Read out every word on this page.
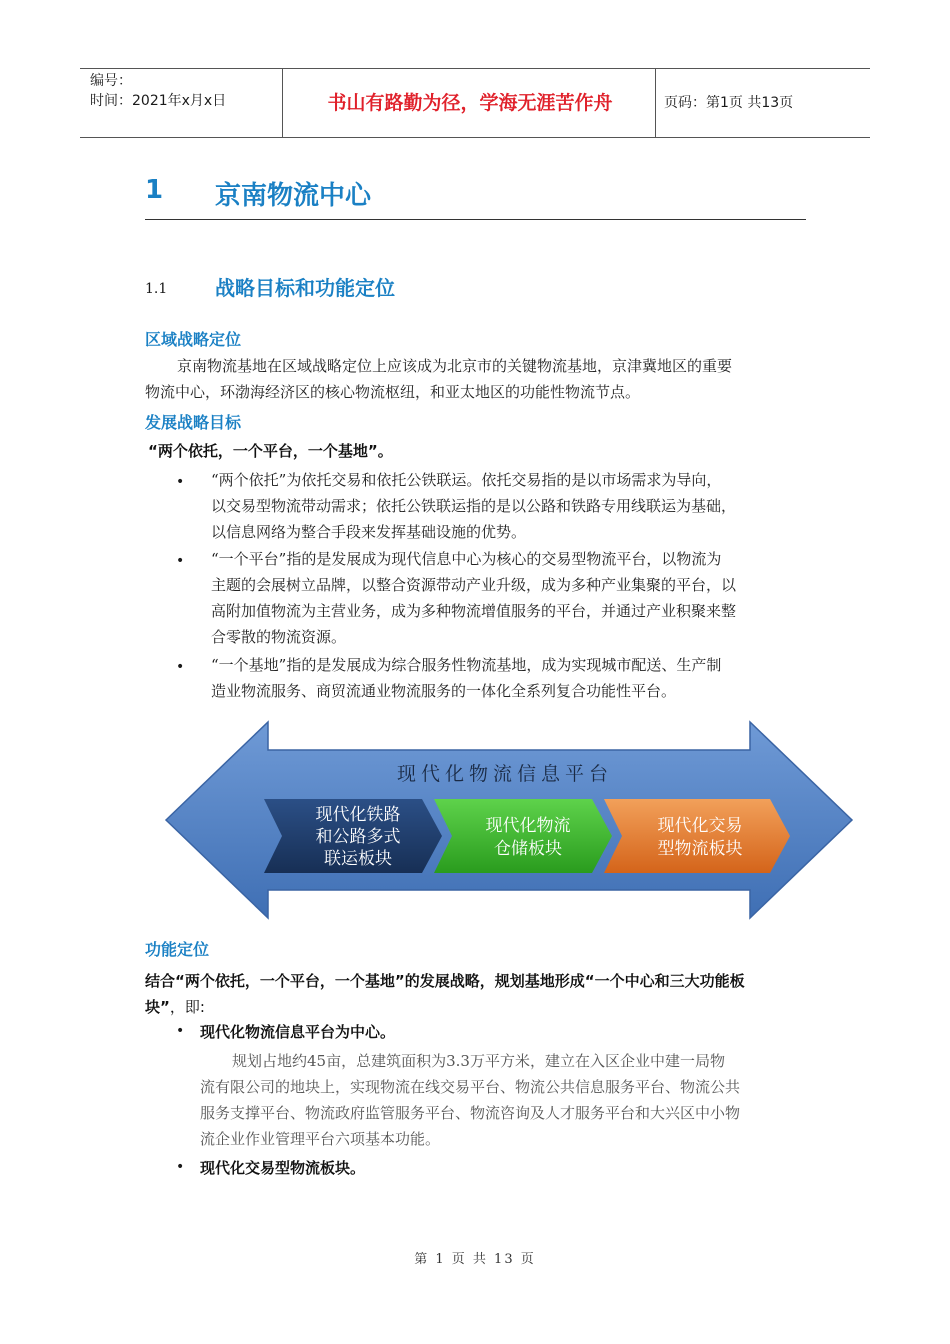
编号：
时间：2021年x月x日	书山有路勤为径，学海无涯苦作舟	页码：第1页 共13页
1	京南物流中心
1.1 战略目标和功能定位
区域战略定位
京南物流基地在区域战略定位上应该成为北京市的关键物流基地，京津冀地区的重要
物流中心，环渤海经济区的核心物流枢纽，和亚太地区的功能性物流节点。
发展战略目标
“两个依托，一个平台，一个基地”。
• “两个依托”为依托交易和依托公铁联运。依托交易指的是以市场需求为导向，
以交易型物流带动需求；依托公铁联运指的是以公路和铁路专用线联运为基础，
以信息网络为整合手段来发挥基础设施的优势。
• “一个平台”指的是发展成为现代信息中心为核心的交易型物流平台，以物流为
主题的会展树立品牌，以整合资源带动产业升级，成为多种产业集聚的平台，以
高附加值物流为主营业务，成为多种物流增值服务的平台，并通过产业积聚来整
合零散的物流资源。
• “一个基地”指的是发展成为综合服务性物流基地，成为实现城市配送、生产制
造业物流服务、商贸流通业物流服务的一体化全系列复合功能性平台。
现代化物流信息平台
现代化铁路
和公路多式
联运板块
现代化物流
仓储板块
现代化交易
型物流板块
功能定位
结合“两个依托，一个平台，一个基地”的发展战略，规划基地形成“一个中心和三大功能板
块”，即:
• 现代化物流信息平台为中心。
规划占地约45亩，总建筑面积为3.3万平方米，建立在入区企业中建一局物
流有限公司的地块上，实现物流在线交易平台、物流公共信息服务平台、物流公共
服务支撑平台、物流政府监管服务平台、物流咨询及人才服务平台和大兴区中小物
流企业作业管理平台六项基本功能。
• 现代化交易型物流板块。
第 1 页 共 13 页
